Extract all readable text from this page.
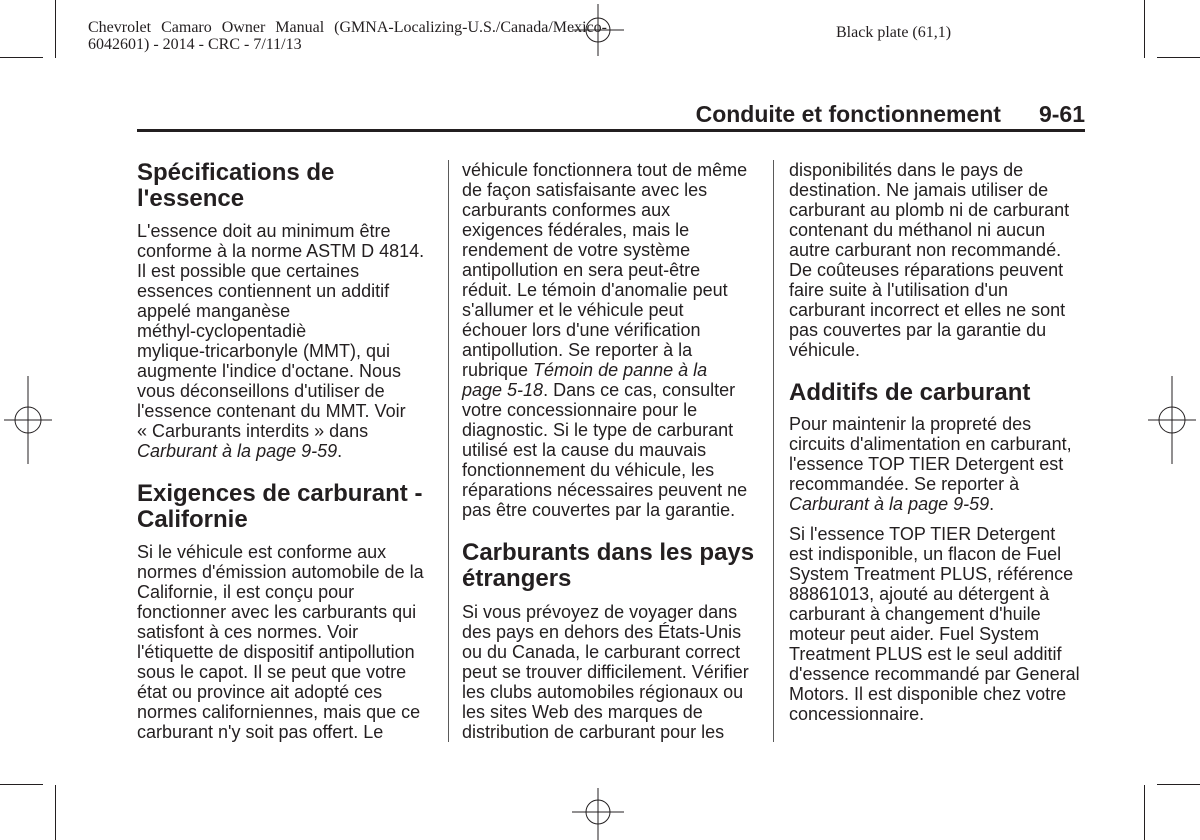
Chevrolet Camaro Owner Manual (GMNA-Localizing-U.S./Canada/Mexico-
6042601) - 2014 - CRC - 7/11/13
Black plate (61,1)
Conduite et fonctionnement 9-61
Spécifications de
l'essence
L'essence doit au minimum être
conforme à la norme ASTM D 4814.
Il est possible que certaines
essences contiennent un additif
appelé manganèse
méthyl-cyclopentadiè
mylique-tricarbonyle (MMT), qui
augmente l'indice d'octane. Nous
vous déconseillons d'utiliser de
l'essence contenant du MMT. Voir
« Carburants interdits » dans
Carburant à la page 9-59.
Exigences de carburant -
Californie
Si le véhicule est conforme aux
normes d'émission automobile de la
Californie, il est conçu pour
fonctionner avec les carburants qui
satisfont à ces normes. Voir
l'étiquette de dispositif antipollution
sous le capot. Il se peut que votre
état ou province ait adopté ces
normes californiennes, mais que ce
carburant n'y soit pas offert. Le
véhicule fonctionnera tout de même
de façon satisfaisante avec les
carburants conformes aux
exigences fédérales, mais le
rendement de votre système
antipollution en sera peut-être
réduit. Le témoin d'anomalie peut
s'allumer et le véhicule peut
échouer lors d'une vérification
antipollution. Se reporter à la
rubrique Témoin de panne à la
page 5-18. Dans ce cas, consulter
votre concessionnaire pour le
diagnostic. Si le type de carburant
utilisé est la cause du mauvais
fonctionnement du véhicule, les
réparations nécessaires peuvent ne
pas être couvertes par la garantie.
Carburants dans les pays
étrangers
Si vous prévoyez de voyager dans
des pays en dehors des États-Unis
ou du Canada, le carburant correct
peut se trouver difficilement. Vérifier
les clubs automobiles régionaux ou
les sites Web des marques de
distribution de carburant pour les
disponibilités dans le pays de
destination. Ne jamais utiliser de
carburant au plomb ni de carburant
contenant du méthanol ni aucun
autre carburant non recommandé.
De coûteuses réparations peuvent
faire suite à l'utilisation d'un
carburant incorrect et elles ne sont
pas couvertes par la garantie du
véhicule.
Additifs de carburant
Pour maintenir la propreté des
circuits d'alimentation en carburant,
l'essence TOP TIER Detergent est
recommandée. Se reporter à
Carburant à la page 9-59.
Si l'essence TOP TIER Detergent
est indisponible, un flacon de Fuel
System Treatment PLUS, référence
88861013, ajouté au détergent à
carburant à changement d'huile
moteur peut aider. Fuel System
Treatment PLUS est le seul additif
d'essence recommandé par General
Motors. Il est disponible chez votre
concessionnaire.
